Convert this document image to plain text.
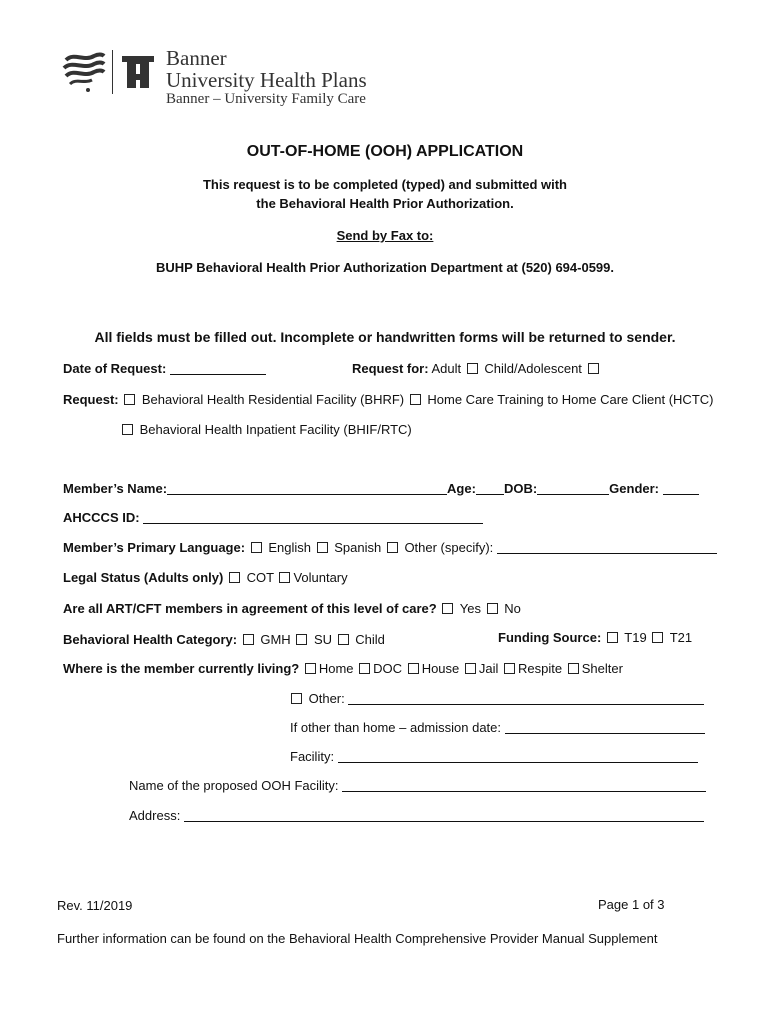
Banner
University Health Plans
Banner – University Family Care
OUT-OF-HOME (OOH) APPLICATION
This request is to be completed (typed) and submitted with
the Behavioral Health Prior Authorization.
Send by Fax to:
BUHP Behavioral Health Prior Authorization Department at (520) 694-0599.
All fields must be filled out. Incomplete or handwritten forms will be returned to sender.
Date of Request:	Request for: Adult Child/Adolescent
Request: Behavioral Health Residential Facility (BHRF) Home Care Training to Home Care Client (HCTC)
Behavioral Health Inpatient Facility (BHIF/RTC)
Member’s Name:	Age: DOB:	Gender:
AHCCCS ID:
Member’s Primary Language: English Spanish Other (specify):
Legal Status (Adults only) COT Voluntary
Are all ART/CFT members in agreement of this level of care? Yes No
Behavioral Health Category: GMH SU Child	Funding Source: T19 T21
Where is the member currently living? Home DOC House Jail Respite Shelter
Other:
If other than home – admission date:
Facility:
Name of the proposed OOH Facility:
Address:
Rev. 11/2019	Page 1 of 3
Further information can be found on the Behavioral Health Comprehensive Provider Manual Supplement
